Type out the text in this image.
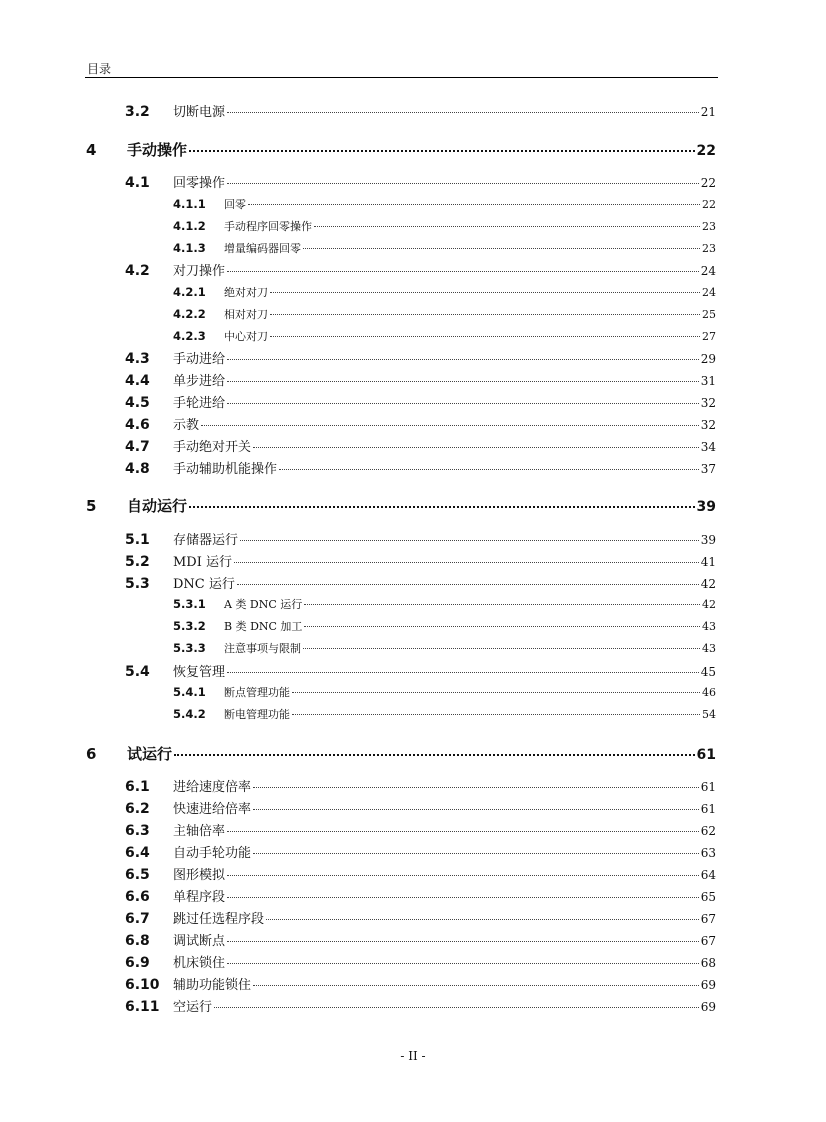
目录
3.2	切断电源	21
4	手动操作	22
4.1	回零操作	22
4.1.1	回零	22
4.1.2	手动程序回零操作	23
4.1.3	增量编码器回零	23
4.2	对刀操作	24
4.2.1	绝对对刀	24
4.2.2	相对对刀	25
4.2.3	中心对刀	27
4.3	手动进给	29
4.4	单步进给	31
4.5	手轮进给	32
4.6	示教	32
4.7	手动绝对开关	34
4.8	手动辅助机能操作	37
5	自动运行	39
5.1	存储器运行	39
5.2	MDI 运行	41
5.3	DNC 运行	42
5.3.1	A 类 DNC 运行	42
5.3.2	B 类 DNC 加工	43
5.3.3	注意事项与限制	43
5.4	恢复管理	45
5.4.1	断点管理功能	46
5.4.2	断电管理功能	54
6	试运行	61
6.1	进给速度倍率	61
6.2	快速进给倍率	61
6.3	主轴倍率	62
6.4	自动手轮功能	63
6.5	图形模拟	64
6.6	单程序段	65
6.7	跳过任选程序段	67
6.8	调试断点	67
6.9	机床锁住	68
6.10	辅助功能锁住	69
6.11	空运行	69
- II -
